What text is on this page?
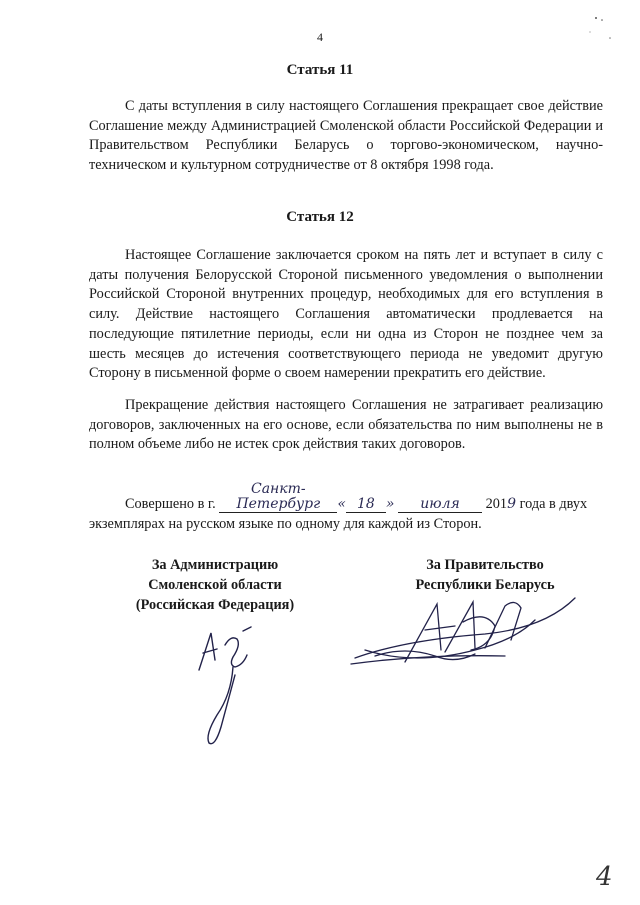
4
Статья 11

С даты вступления в силу настоящего Соглашения прекращает свое действие Соглашение между Администрацией Смоленской области Российской Федерации и Правительством Республики Беларусь о торгово-экономическом, научно-техническом и культурном сотрудничестве от 8 октября 1998 года.

Статья 12

Настоящее Соглашение заключается сроком на пять лет и вступает в силу с даты получения Белорусской Стороной письменного уведомления о выполнении Российской Стороной внутренних процедур, необходимых для его вступления в силу. Действие настоящего Соглашения автоматически продлевается на последующие пятилетние периоды, если ни одна из Сторон не позднее чем за шесть месяцев до истечения соответствующего периода не уведомит другую Сторону в письменной форме о своем намерении прекратить его действие.

Прекращение действия настоящего Соглашения не затрагивает реализацию договоров, заключенных на его основе, если обязательства по ним выполнены не в полном объеме либо не истек срок действия таких договоров.

Совершено в г. Санкт-Петербург « 18 » июля 2019 года в двух экземплярах на русском языке по одному для каждой из Сторон.

За Администрацию
Смоленской области
(Российская Федерация)
За Правительство
Республики Беларусь
4
